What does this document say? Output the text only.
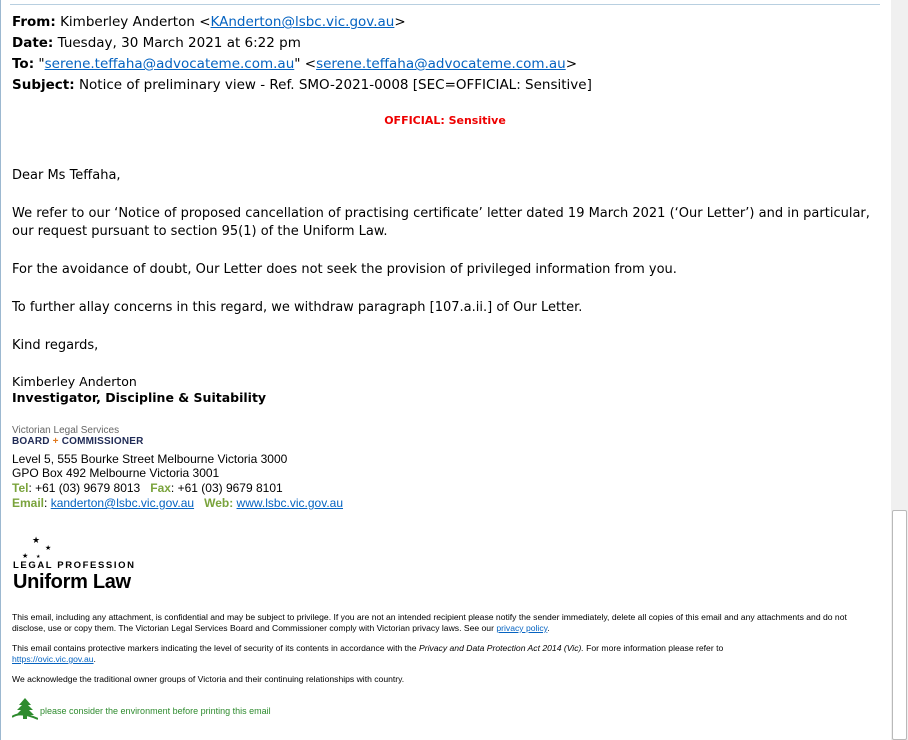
From: Kimberley Anderton <KAnderton@lsbc.vic.gov.au>
Date: Tuesday, 30 March 2021 at 6:22 pm
To: "serene.teffaha@advocateme.com.au" <serene.teffaha@advocateme.com.au>
Subject: Notice of preliminary view - Ref. SMO-2021-0008 [SEC=OFFICIAL: Sensitive]
OFFICIAL: Sensitive
Dear Ms Teffaha,
We refer to our ‘Notice of proposed cancellation of practising certificate’ letter dated 19 March 2021 (‘Our Letter’) and in particular, our request pursuant to section 95(1) of the Uniform Law.
For the avoidance of doubt, Our Letter does not seek the provision of privileged information from you.
To further allay concerns in this regard, we withdraw paragraph [107.a.ii.] of Our Letter.
Kind regards,
Kimberley Anderton
Investigator, Discipline & Suitability
Victorian Legal Services
BOARD + COMMISSIONER
Level 5, 555 Bourke Street Melbourne Victoria 3000
GPO Box 492 Melbourne Victoria 3001
Tel: +61 (03) 9679 8013 Fax: +61 (03) 9679 8101
Email: kanderton@lsbc.vic.gov.au Web: www.lsbc.vic.gov.au
★
★
★ ★
LEGAL PROFESSION
Uniform Law
This email, including any attachment, is confidential and may be subject to privilege. If you are not an intended recipient please notify the sender immediately, delete all copies of this email and any attachments and do not disclose, use or copy them. The Victorian Legal Services Board and Commissioner comply with Victorian privacy laws. See our privacy policy.
This email contains protective markers indicating the level of security of its contents in accordance with the Privacy and Data Protection Act 2014 (Vic). For more information please refer to
https://ovic.vic.gov.au.
We acknowledge the traditional owner groups of Victoria and their continuing relationships with country.
please consider the environment before printing this email
